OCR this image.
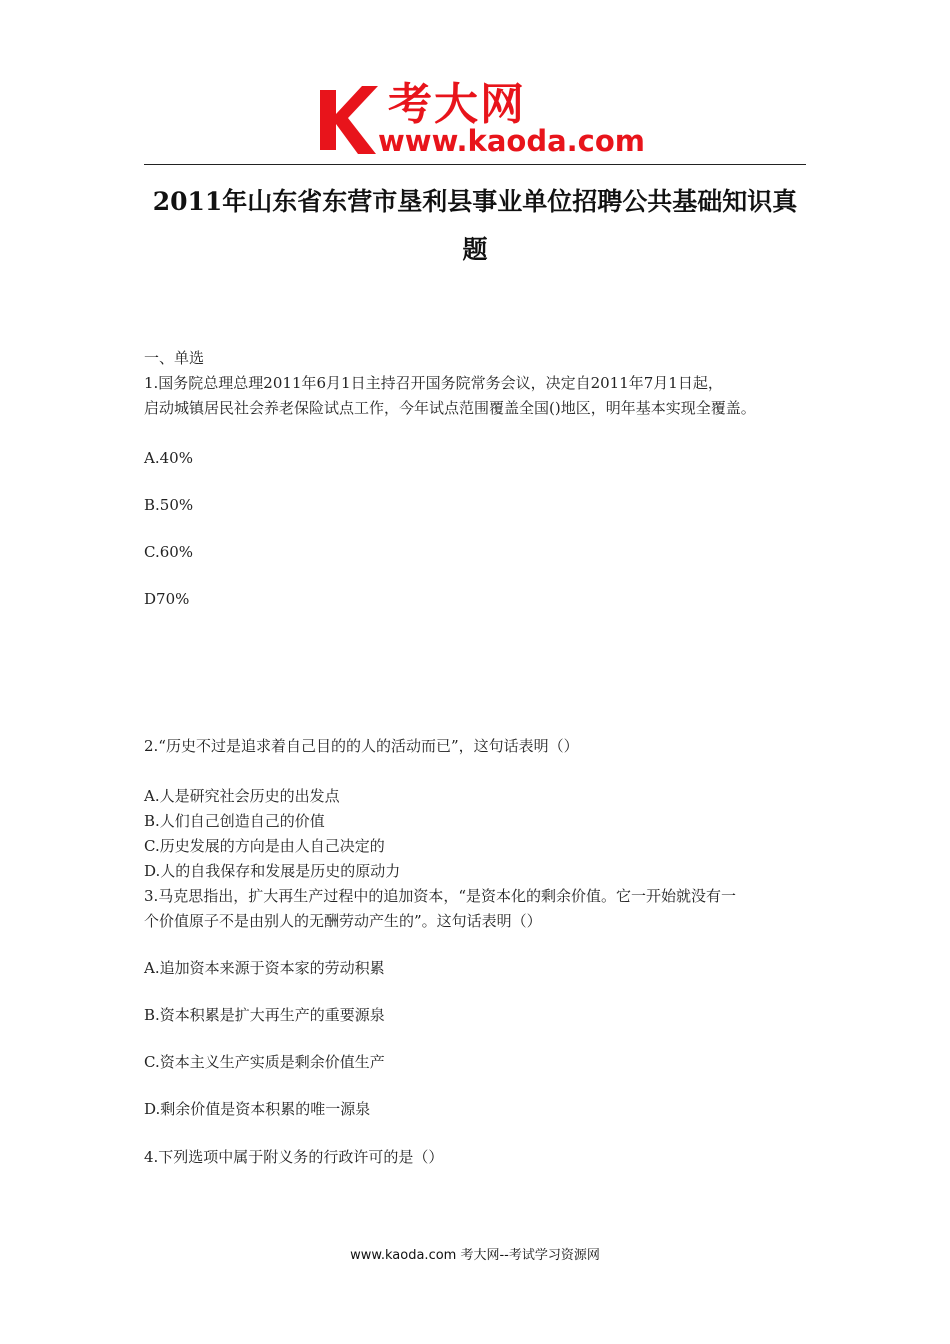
考大网
www.kaoda.com
2011年山东省东营市垦利县事业单位招聘公共基础知识真
题
一、单选
1.国务院总理总理2011年6月1日主持召开国务院常务会议，决定自2011年7月1日起，
启动城镇居民社会养老保险试点工作，今年试点范围覆盖全国()地区，明年基本实现全覆盖。
A.40%
B.50%
C.60%
D70%
2.“历史不过是追求着自己目的的人的活动而已”，这句话表明（）
A.人是研究社会历史的出发点
B.人们自己创造自己的价值
C.历史发展的方向是由人自己决定的
D.人的自我保存和发展是历史的原动力
3.马克思指出，扩大再生产过程中的追加资本，“是资本化的剩余价值。它一开始就没有一
个价值原子不是由别人的无酬劳动产生的”。这句话表明（）
A.追加资本来源于资本家的劳动积累
B.资本积累是扩大再生产的重要源泉
C.资本主义生产实质是剩余价值生产
D.剩余价值是资本积累的唯一源泉
4.下列选项中属于附义务的行政许可的是（）
www.kaoda.com 考大网--考试学习资源网
